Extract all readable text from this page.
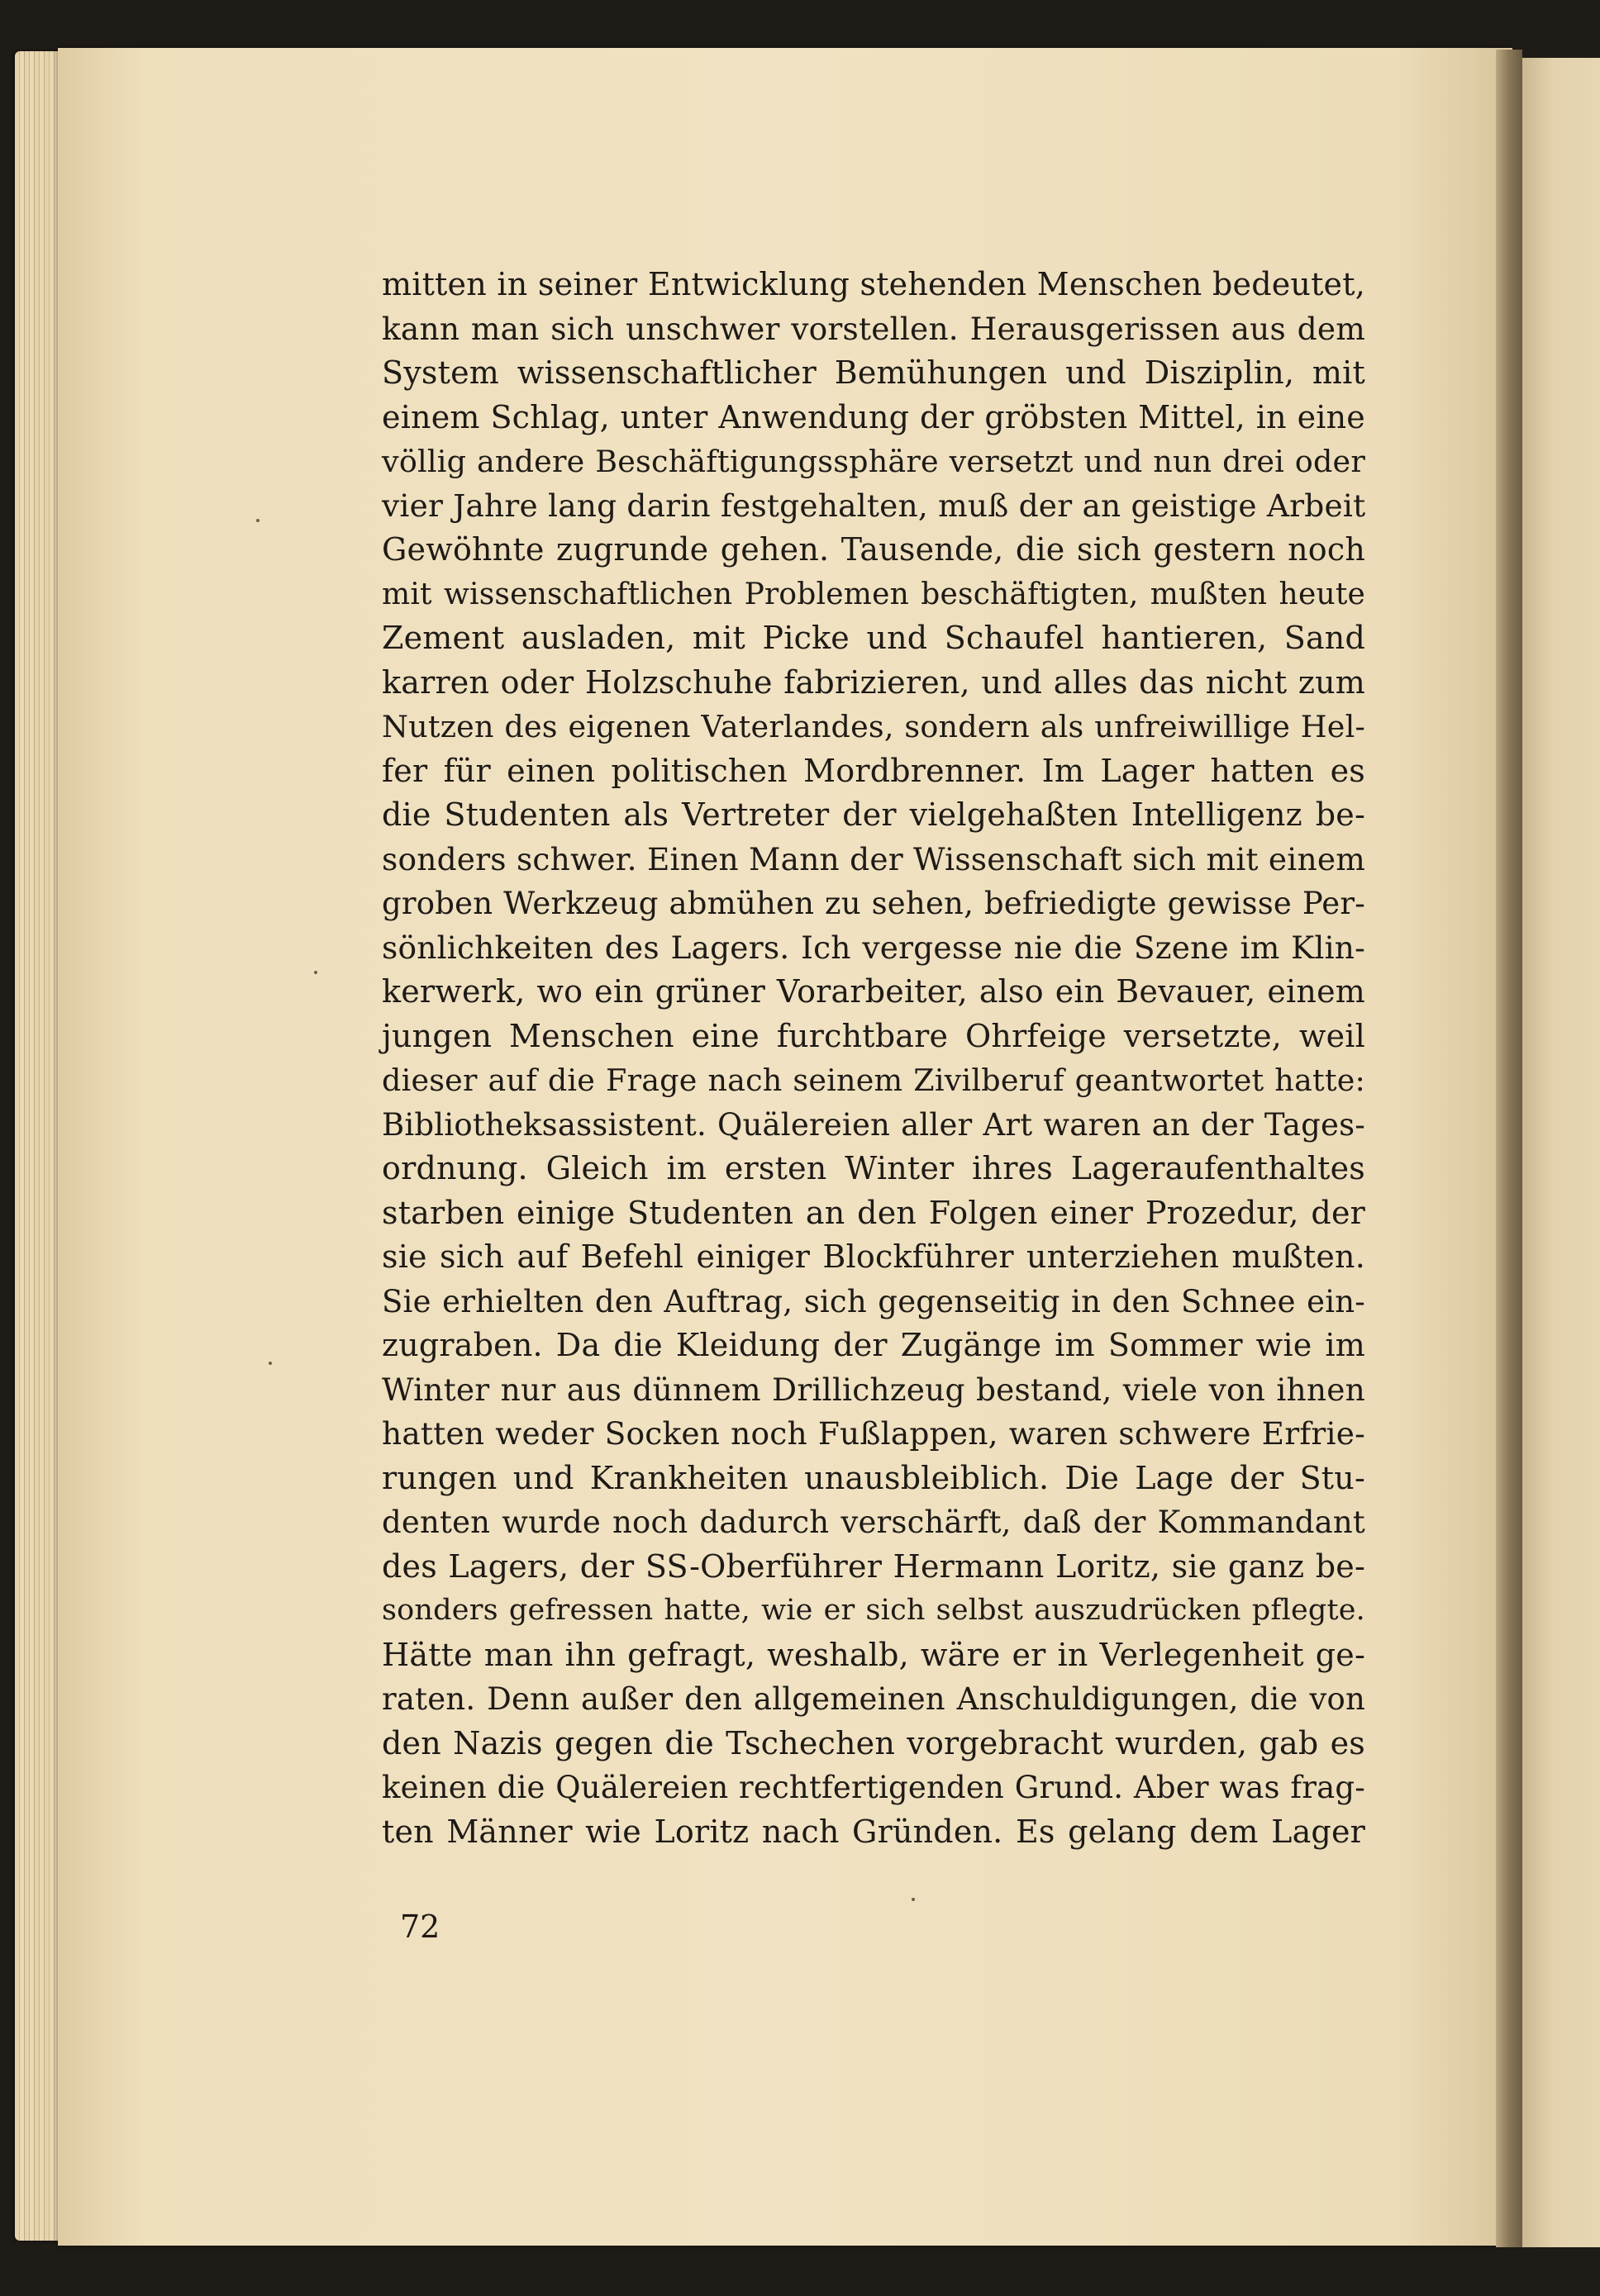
mitten in seiner Entwicklung stehenden Menschen bedeutet,
kann man sich unschwer vorstellen. Herausgerissen aus dem
System wissenschaftlicher Bemühungen und Disziplin, mit
einem Schlag, unter Anwendung der gröbsten Mittel, in eine
völlig andere Beschäftigungssphäre versetzt und nun drei oder
vier Jahre lang darin festgehalten, muß der an geistige Arbeit
Gewöhnte zugrunde gehen. Tausende, die sich gestern noch
mit wissenschaftlichen Problemen beschäftigten, mußten heute
Zement ausladen, mit Picke und Schaufel hantieren, Sand
karren oder Holzschuhe fabrizieren, und alles das nicht zum
Nutzen des eigenen Vaterlandes, sondern als unfreiwillige Hel-
fer für einen politischen Mordbrenner. Im Lager hatten es
die Studenten als Vertreter der vielgehaßten Intelligenz be-
sonders schwer. Einen Mann der Wissenschaft sich mit einem
groben Werkzeug abmühen zu sehen, befriedigte gewisse Per-
sönlichkeiten des Lagers. Ich vergesse nie die Szene im Klin-
kerwerk, wo ein grüner Vorarbeiter, also ein Bevauer, einem
jungen Menschen eine furchtbare Ohrfeige versetzte, weil
dieser auf die Frage nach seinem Zivilberuf geantwortet hatte:
Bibliotheksassistent. Quälereien aller Art waren an der Tages-
ordnung. Gleich im ersten Winter ihres Lageraufenthaltes
starben einige Studenten an den Folgen einer Prozedur, der
sie sich auf Befehl einiger Blockführer unterziehen mußten.
Sie erhielten den Auftrag, sich gegenseitig in den Schnee ein-
zugraben. Da die Kleidung der Zugänge im Sommer wie im
Winter nur aus dünnem Drillichzeug bestand, viele von ihnen
hatten weder Socken noch Fußlappen, waren schwere Erfrie-
rungen und Krankheiten unausbleiblich. Die Lage der Stu-
denten wurde noch dadurch verschärft, daß der Kommandant
des Lagers, der SS-Oberführer Hermann Loritz, sie ganz be-
sonders gefressen hatte, wie er sich selbst auszudrücken pflegte.
Hätte man ihn gefragt, weshalb, wäre er in Verlegenheit ge-
raten. Denn außer den allgemeinen Anschuldigungen, die von
den Nazis gegen die Tschechen vorgebracht wurden, gab es
keinen die Quälereien rechtfertigenden Grund. Aber was frag-
ten Männer wie Loritz nach Gründen. Es gelang dem Lager
72
